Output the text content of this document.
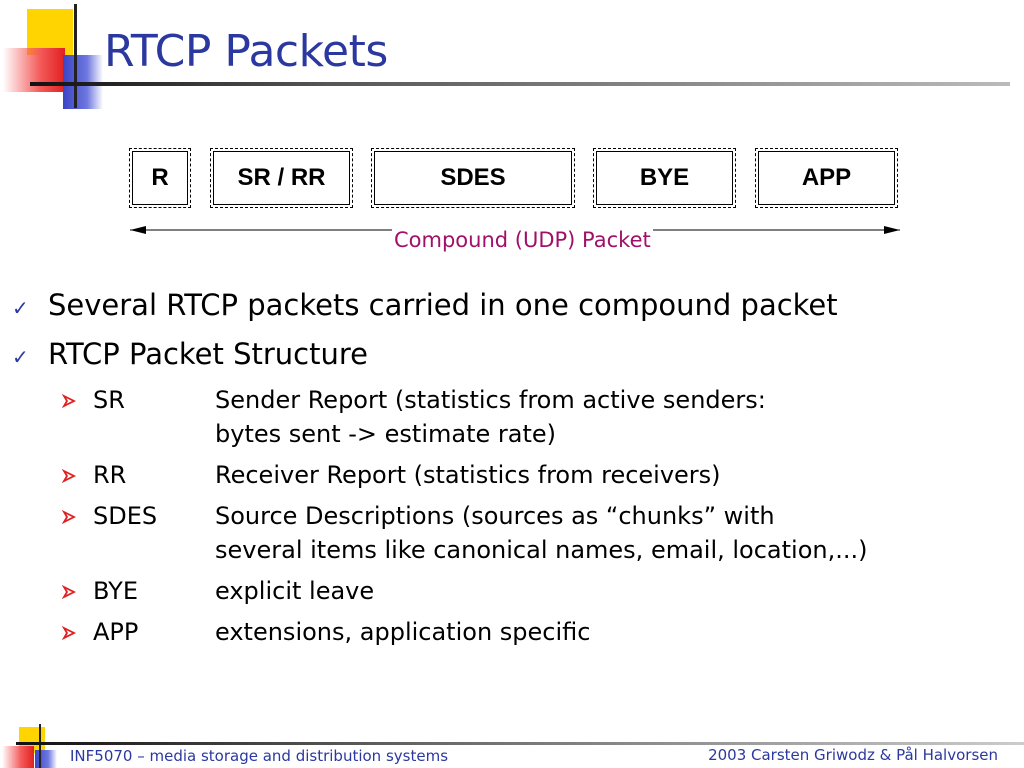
RTCP Packets
R	SR / RR	SDES	BYE	APP
Compound (UDP) Packet
✓ Several RTCP packets carried in one compound packet
✓ RTCP Packet Structure
SR	Sender Report (statistics from active senders:
bytes sent -> estimate rate)
RR	Receiver Report (statistics from receivers)
SDES Source Descriptions (sources as “chunks” with
several items like canonical names, email, location,...)
BYE	explicit leave
APP	extensions, application specific
INF5070 – media storage and distribution systems	2003 Carsten Griwodz & Pål Halvorsen
